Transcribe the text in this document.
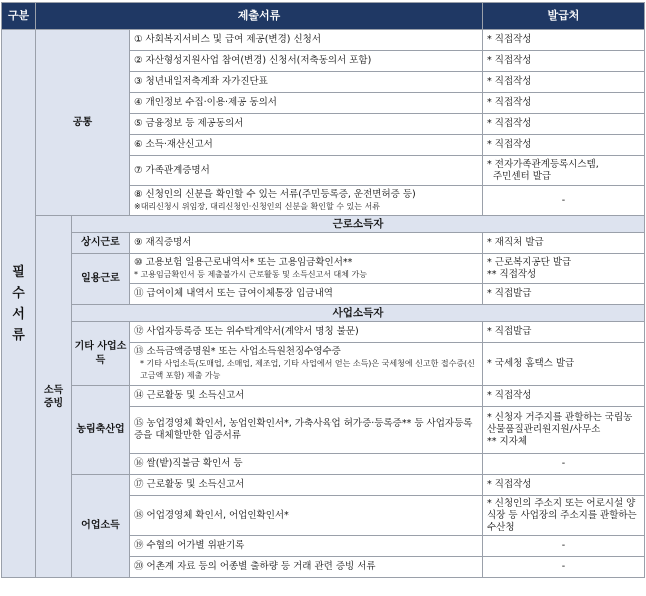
구분	제출서류			발급처
필수서류	공통		① 사회복지서비스 및 급여 제공(변경) 신청서	* 직접작성
			② 자산형성지원사업 참여(변경) 신청서(저축동의서 포함)	* 직접작성
			③ 청년내일저축계좌 자가진단표	* 직접작성
			④ 개인정보 수집·이용·제공 동의서	* 직접작성
			⑤ 금융정보 등 제공동의서	* 직접작성
			⑥ 소득·재산신고서	* 직접작성
			⑦ 가족관계증명서	* 전자가족관계등록시스템,
주민센터 발급
			⑧ 신청인의 신분을 확인할 수 있는 서류(주민등록증, 운전면허증 등)
※대리신청시 위임장, 대리신청인·신청인의 신분을 확인할 수 있는 서류	-
	소득증빙	근로소득자		
		상시근로	⑨ 재직증명서	* 재직처 발급
		일용근로	⑩ 고용보험 일용근로내역서* 또는 고용임금확인서**
* 고용임금확인서 등 제출불가시 근로활동 및 소득신고서 대체 가능	* 근로복지공단 발급
** 직접작성
			⑪ 급여이체 내역서 또는 급여이체통장 입금내역	* 직접발급
		사업소득자		
		기타 사업소득	⑫ 사업자등록증 또는 위수탁계약서(계약서 명칭 불문)	* 직접발급
			⑬ 소득금액증명원* 또는 사업소득원천징수영수증
* 기타 사업소득(도매업, 소매업, 제조업, 기타 사업에서 얻는 소득)은 국세청에 신고한 접수증(신고금액 포함) 제출 가능	* 국세청 홈택스 발급
		농림축산업	⑭ 근로활동 및 소득신고서	* 직접작성
			⑮ 농업경영체 확인서, 농업인확인서*, 가축사육업 허가증·등록증** 등 사업자등록증을 대체할만한 입증서류	* 신청자 거주지를 관할하는 국립농산물품질관리원지원/사무소
** 지자체
			⑯ 쌀(밭)직불금 확인서 등	-
		어업소득	⑰ 근로활동 및 소득신고서	* 직접작성
			⑱ 어업경영체 확인서, 어업인확인서*	* 신청인의 주소지 또는 어로시설 양식장 등 사업장의 주소지를 관할하는 수산청
			⑲ 수협의 어가별 위판기록	-
			⑳ 어촌계 자료 등의 어종별 출하량 등 거래 관련 증빙 서류	-
